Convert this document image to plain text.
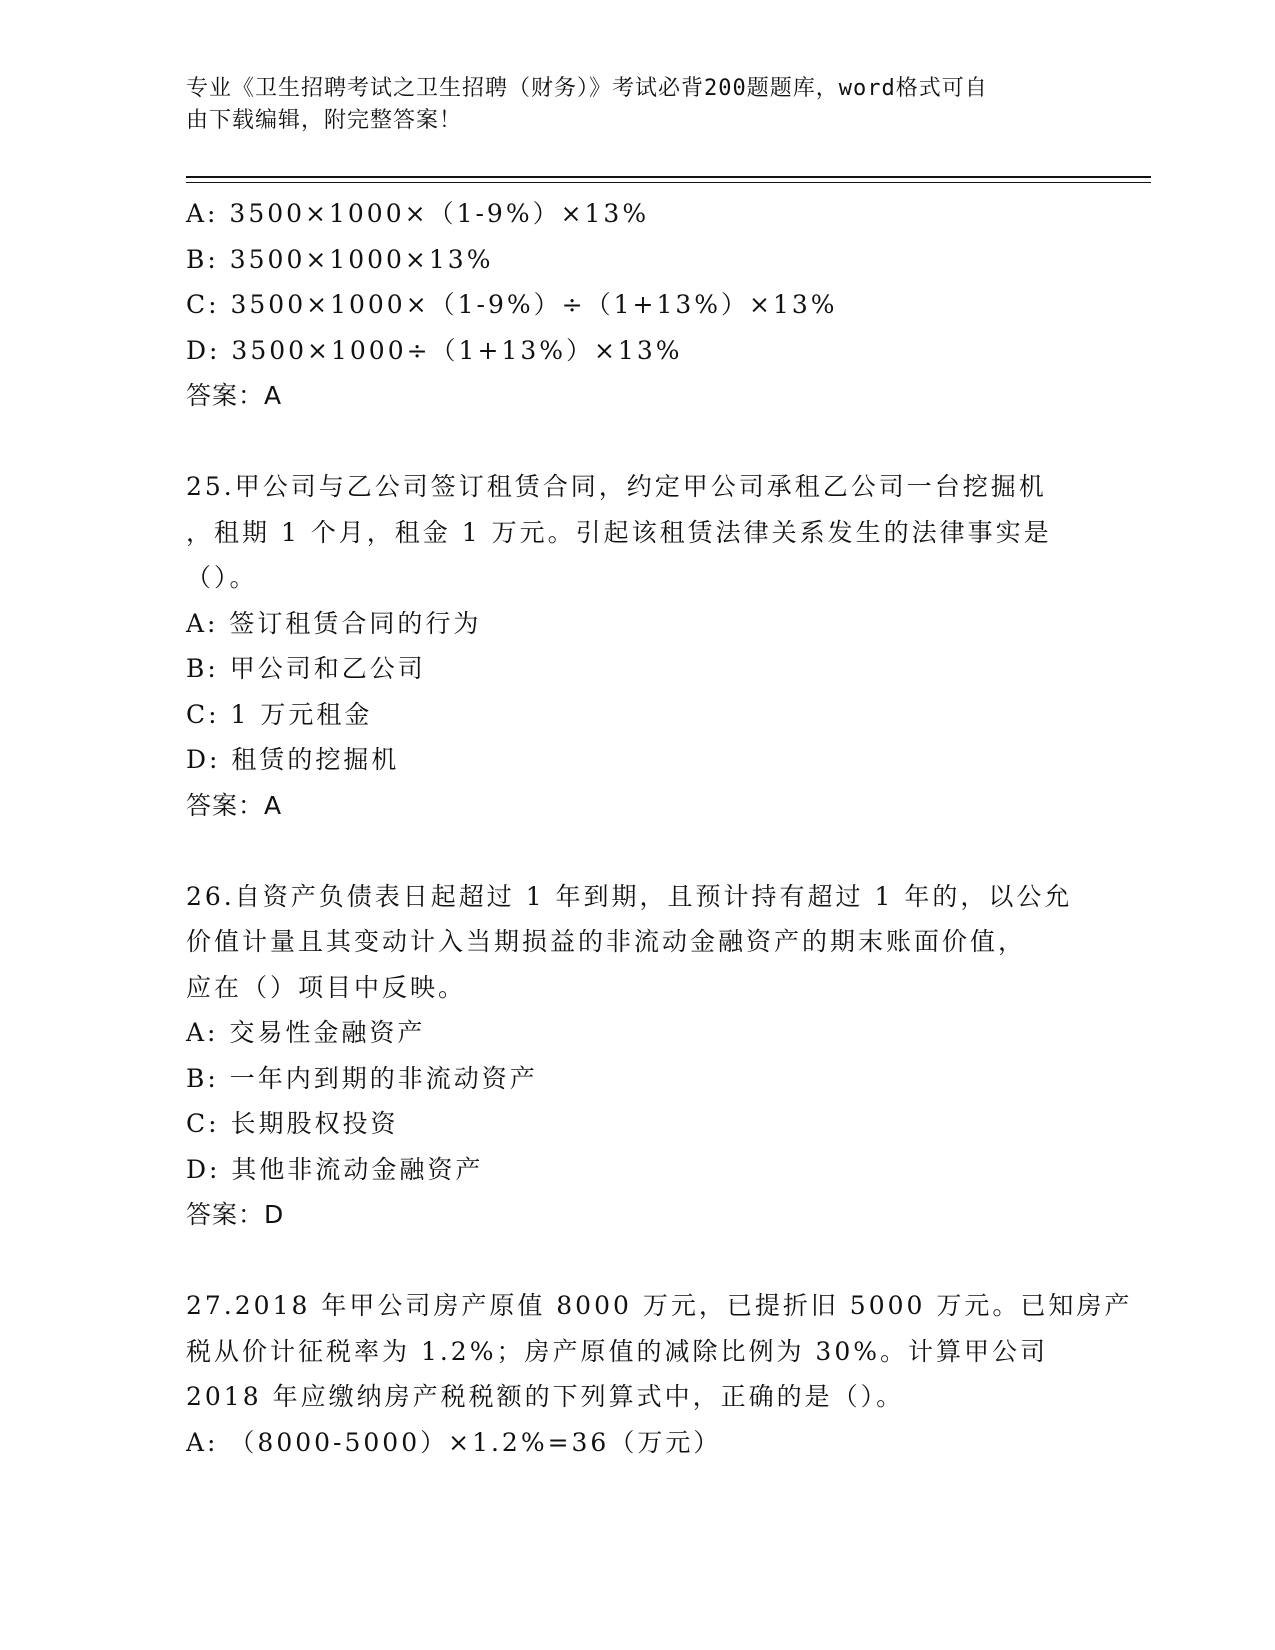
专业《卫生招聘考试之卫生招聘（财务）》考试必背200题题库，word格式可自
由下载编辑，附完整答案！
A: 3500×1000×（1-9%）×13%
B: 3500×1000×13%
C: 3500×1000×（1-9%）÷（1+13%）×13%
D: 3500×1000÷（1+13%）×13%
答案：A
25.甲公司与乙公司签订租赁合同，约定甲公司承租乙公司一台挖掘机
，租期 1 个月，租金 1 万元。引起该租赁法律关系发生的法律事实是
（）。
A: 签订租赁合同的行为
B: 甲公司和乙公司
C: 1 万元租金
D: 租赁的挖掘机
答案：A
26.自资产负债表日起超过 1 年到期，且预计持有超过 1 年的，以公允
价值计量且其变动计入当期损益的非流动金融资产的期末账面价值，
应在（）项目中反映。
A: 交易性金融资产
B: 一年内到期的非流动资产
C: 长期股权投资
D: 其他非流动金融资产
答案：D
27.2018 年甲公司房产原值 8000 万元，已提折旧 5000 万元。已知房产
税从价计征税率为 1.2%；房产原值的减除比例为 30%。计算甲公司
2018 年应缴纳房产税税额的下列算式中，正确的是（）。
A: （8000-5000）×1.2%=36（万元）
